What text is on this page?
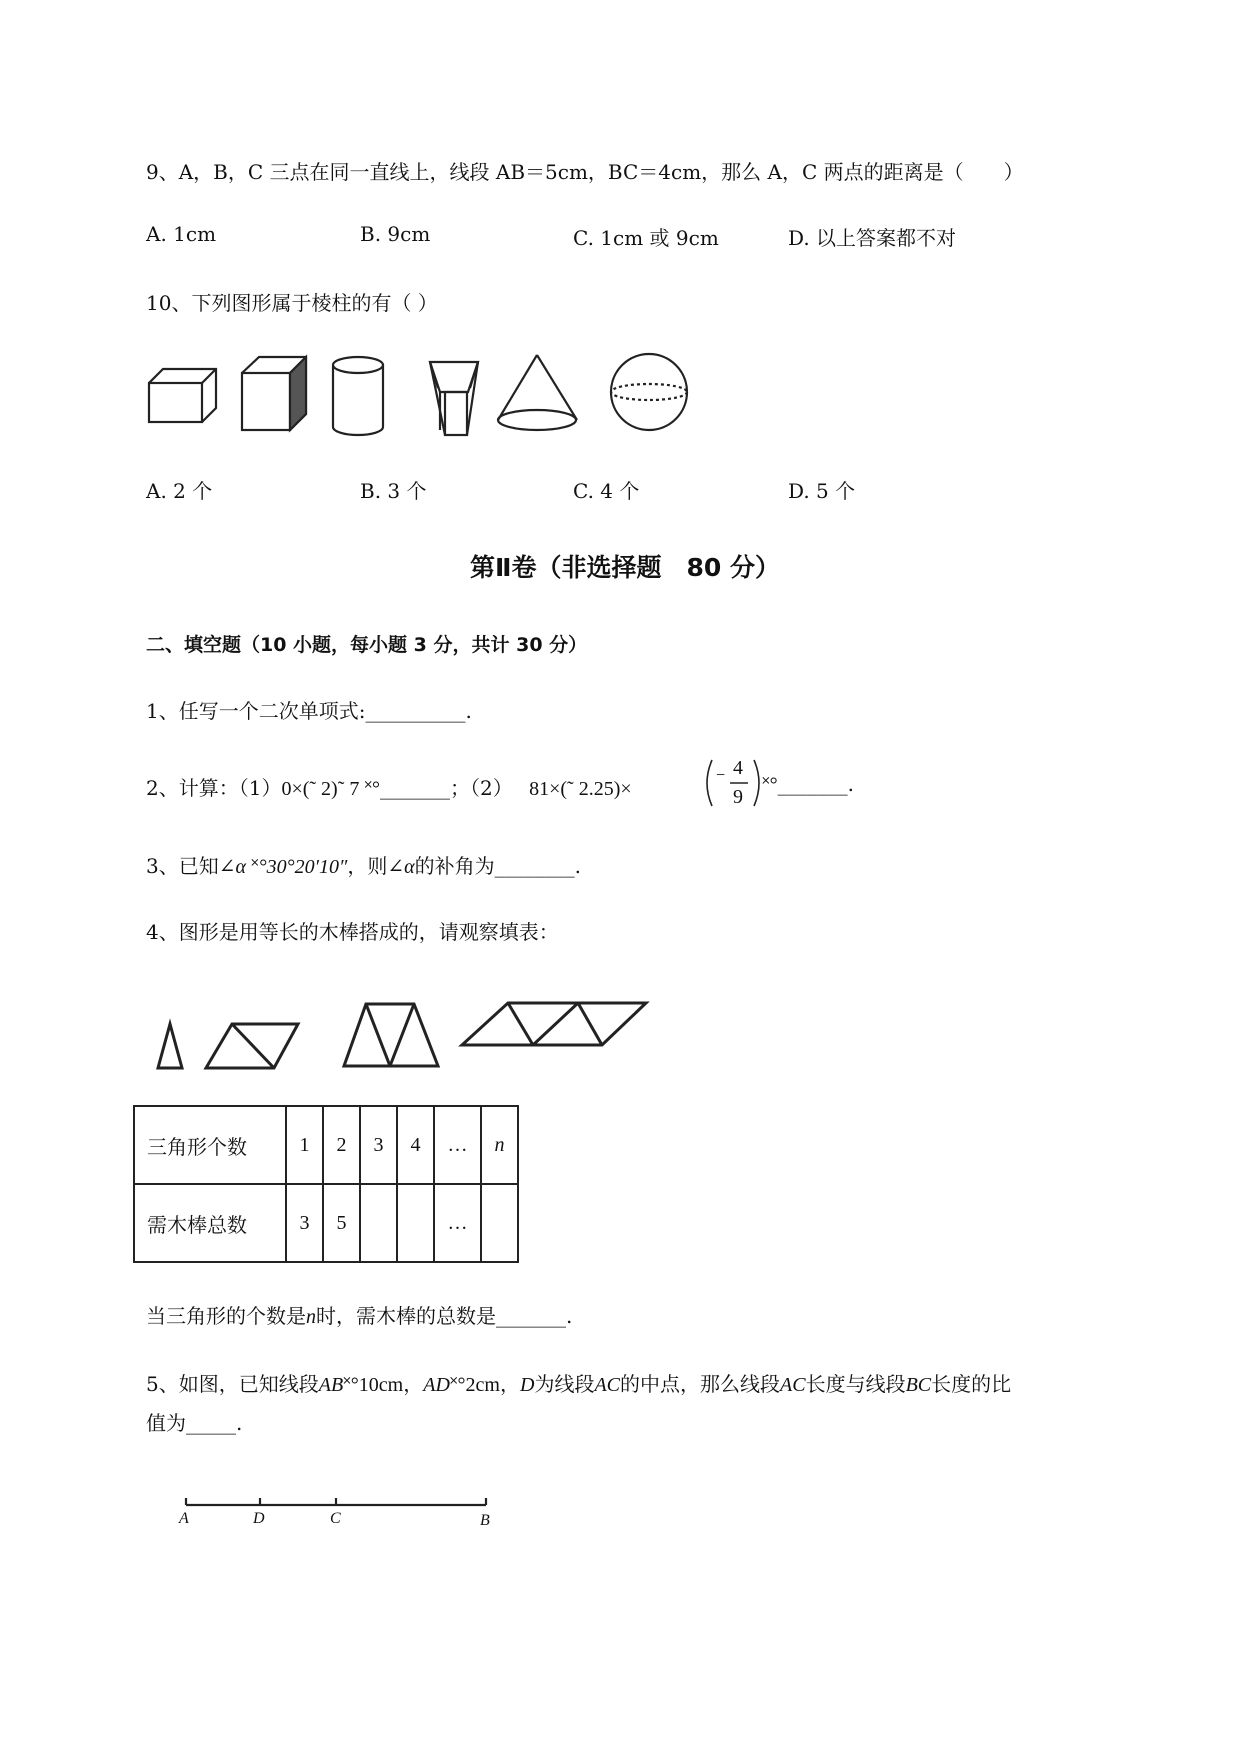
9、A，B，C 三点在同一直线上，线段 AB＝5cm，BC＝4cm，那么 A，C 两点的距离是（　　）
A. 1cm	B. 9cm	C. 1cm 或 9cm	D. 以上答案都不对
10、下列图形属于棱柱的有（ ）
A. 2 个	B. 3 个	C. 4 个	D. 5 个
第Ⅱ卷（非选择题　80 分）
二、填空题（10 小题，每小题 3 分，共计 30 分）
1、任写一个二次单项式:__________.
2、计算：（1）0×(˜ 2)˜ 7 ˟°_______；（2） 81×(˜ 2.25)×
− 4
9
˟°_______.
3、已知∠α ˟°30°20′10″，则∠α的补角为________.
4、图形是用等长的木棒搭成的，请观察填表：
三角形个数	1	2	3	4	…	n
需木棒总数	3	5			…	
当三角形的个数是n时，需木棒的总数是_______.
5、如图，已知线段AB˟°10cm，AD˟°2cm，D为线段AC的中点，那么线段AC长度与线段BC长度的比
值为_____.
A	D	C	B
